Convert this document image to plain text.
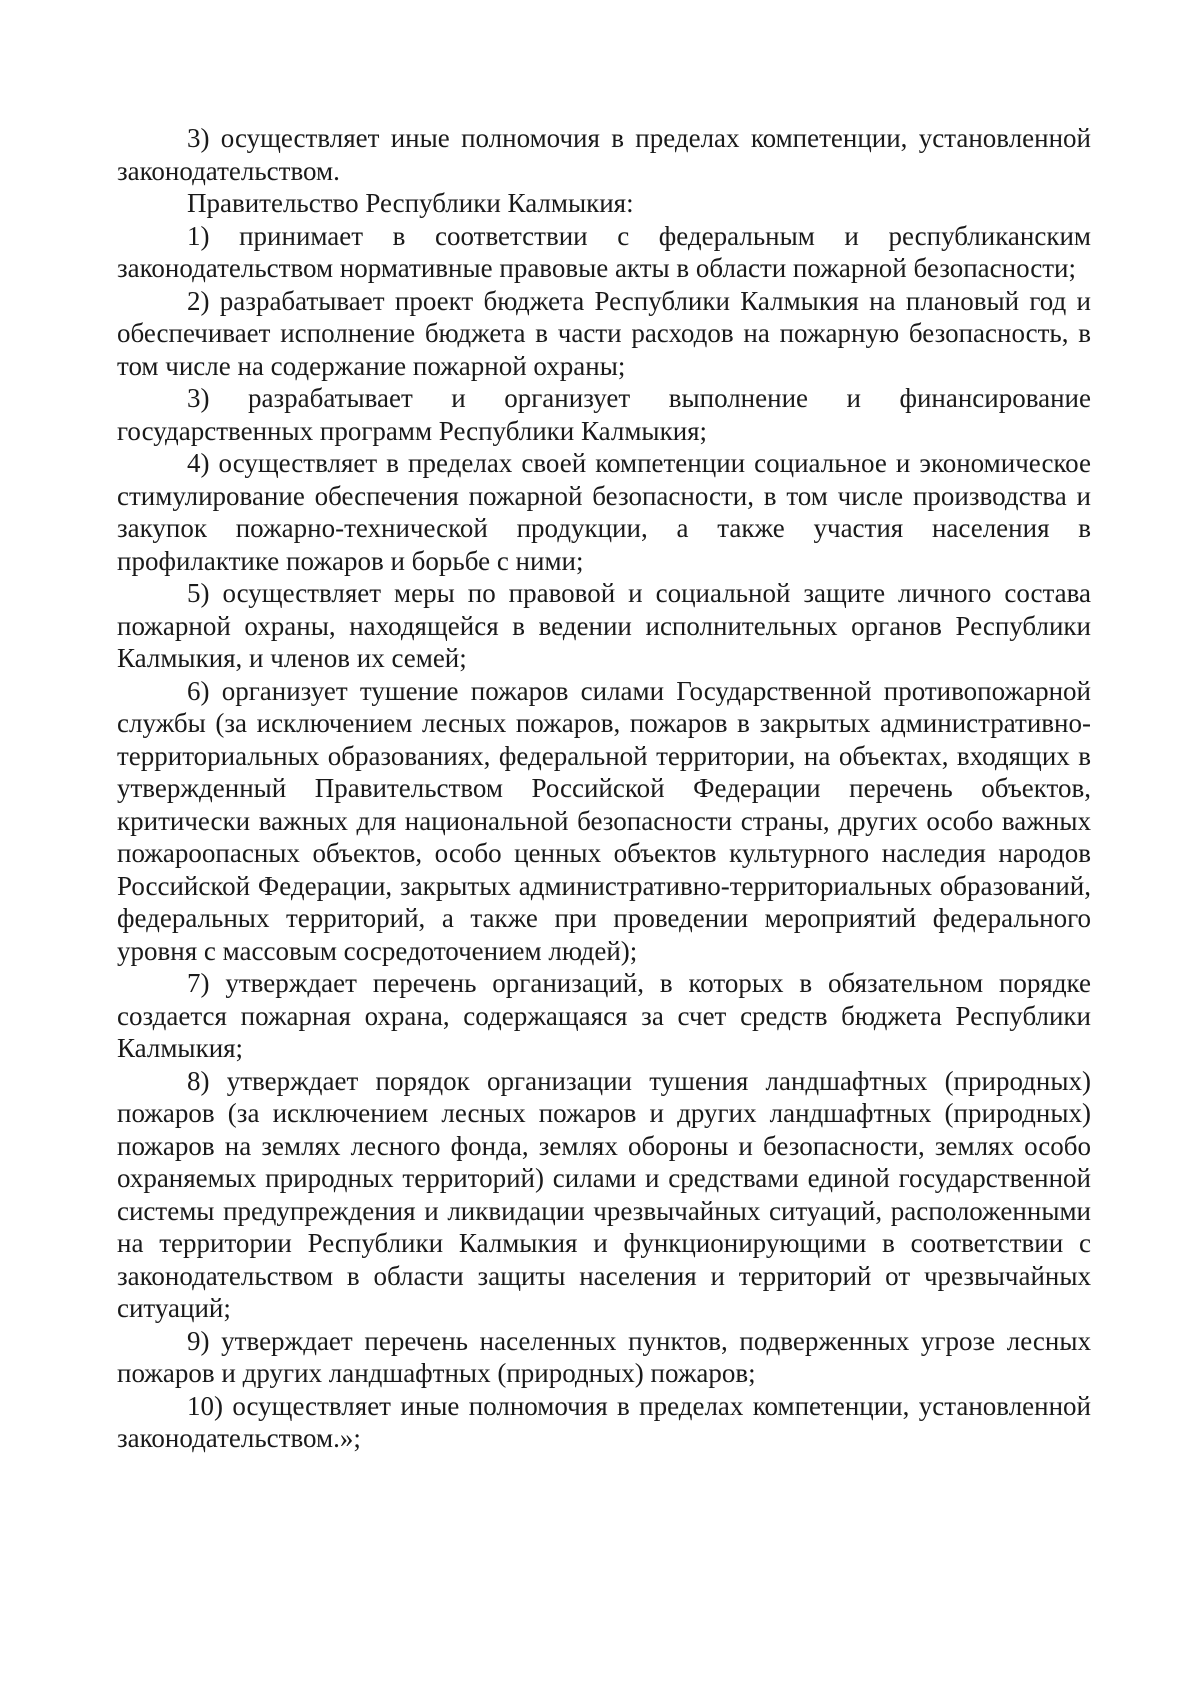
3) осуществляет иные полномочия в пределах компетенции, установленной законодательством.

Правительство Республики Калмыкия:

1) принимает в соответствии с федеральным и республиканским законодательством нормативные правовые акты в области пожарной безопасности;

2) разрабатывает проект бюджета Республики Калмыкия на плановый год и обеспечивает исполнение бюджета в части расходов на пожарную безопасность, в том числе на содержание пожарной охраны;

3) разрабатывает и организует выполнение и финансирование государственных программ Республики Калмыкия;

4) осуществляет в пределах своей компетенции социальное и экономическое стимулирование обеспечения пожарной безопасности, в том числе производства и закупок пожарно-технической продукции, а также участия населения в профилактике пожаров и борьбе с ними;

5) осуществляет меры по правовой и социальной защите личного состава пожарной охраны, находящейся в ведении исполнительных органов Республики Калмыкия, и членов их семей;

6) организует тушение пожаров силами Государственной противопожарной службы (за исключением лесных пожаров, пожаров в закрытых административно-территориальных образованиях, федеральной территории, на объектах, входящих в утвержденный Правительством Российской Федерации перечень объектов, критически важных для национальной безопасности страны, других особо важных пожароопасных объектов, особо ценных объектов культурного наследия народов Российской Федерации, закрытых административно-территориальных образований, федеральных территорий, а также при проведении мероприятий федерального уровня с массовым сосредоточением людей);

7) утверждает перечень организаций, в которых в обязательном порядке создается пожарная охрана, содержащаяся за счет средств бюджета Республики Калмыкия;

8) утверждает порядок организации тушения ландшафтных (природных) пожаров (за исключением лесных пожаров и других ландшафтных (природных) пожаров на землях лесного фонда, землях обороны и безопасности, землях особо охраняемых природных территорий) силами и средствами единой государственной системы предупреждения и ликвидации чрезвычайных ситуаций, расположенными на территории Республики Калмыкия и функционирующими в соответствии с законодательством в области защиты населения и территорий от чрезвычайных ситуаций;

9) утверждает перечень населенных пунктов, подверженных угрозе лесных пожаров и других ландшафтных (природных) пожаров;

10) осуществляет иные полномочия в пределах компетенции, установленной законодательством.»;
